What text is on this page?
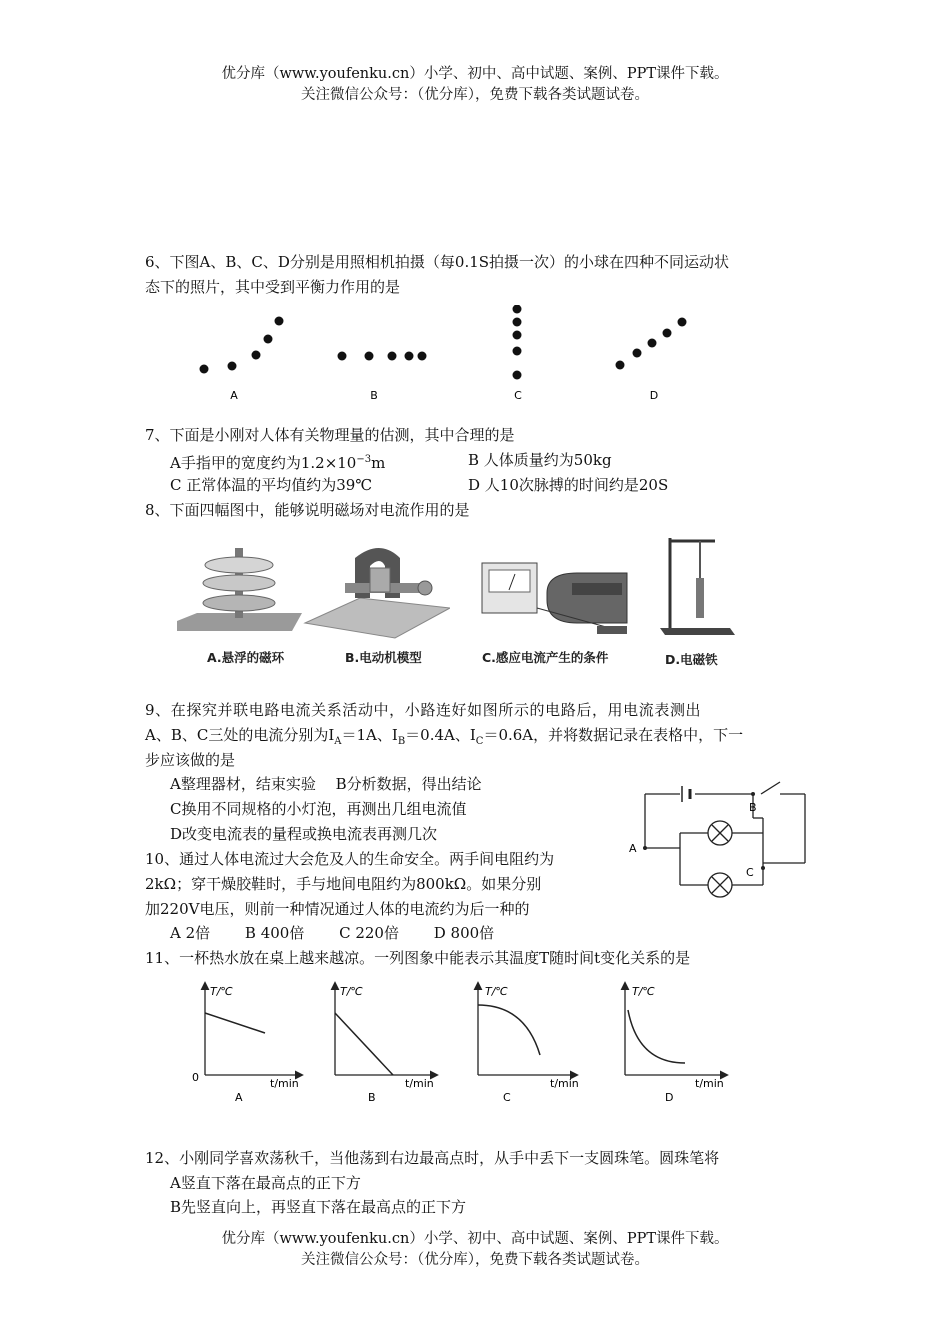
优分库（www.youfenku.cn）小学、初中、高中试题、案例、PPT课件下载。
关注微信公众号：（优分库），免费下载各类试题试卷。
6、下图A、B、C、D分别是用照相机拍摄（每0.1S拍摄一次）的小球在四种不同运动状
态下的照片，其中受到平衡力作用的是
A	B	C	D
7、下面是小刚对人体有关物理量的估测，其中合理的是
A手指甲的宽度约为$1.2\times 10^{-3}m$	B 人体质量约为50kg
C 正常体温的平均值约为39℃	D 人10次脉搏的时间约是20S
8、下面四幅图中，能够说明磁场对电流作用的是
A.悬浮的磁环	B.电动机模型	C.感应电流产生的条件	D.电磁铁
9、在探究并联电路电流关系活动中，小路连好如图所示的电路后，用电流表测出
A、B、C三处的电流分别为$I_A=1A$、$I_B=0.4A$、$I_C=0.6A$，并将数据记录在表格中，下一
步应该做的是
A整理器材，结束实验　 B分析数据，得出结论
C换用不同规格的小灯泡，再测出几组电流值
D改变电流表的量程或换电流表再测几次
A
B
C
10、通过人体电流过大会危及人的生命安全。两手间电阻约为
2kΩ；穿干燥胶鞋时，手与地间电阻约为800kΩ。如果分别
加220V电压，则前一种情况通过人体的电流约为后一种的
A 2倍　　 B 400倍　　 C 220倍　　 D 800倍
11、一杯热水放在桌上越来越凉。一列图象中能表示其温度T随时间t变化关系的是
T/℃
t/min
0
A
T/℃
t/min
B
T/℃
t/min
C
T/℃
t/min
D
12、小刚同学喜欢荡秋千，当他荡到右边最高点时，从手中丢下一支圆珠笔。圆珠笔将
A竖直下落在最高点的正下方
B先竖直向上，再竖直下落在最高点的正下方
优分库（www.youfenku.cn）小学、初中、高中试题、案例、PPT课件下载。
关注微信公众号：（优分库），免费下载各类试题试卷。
